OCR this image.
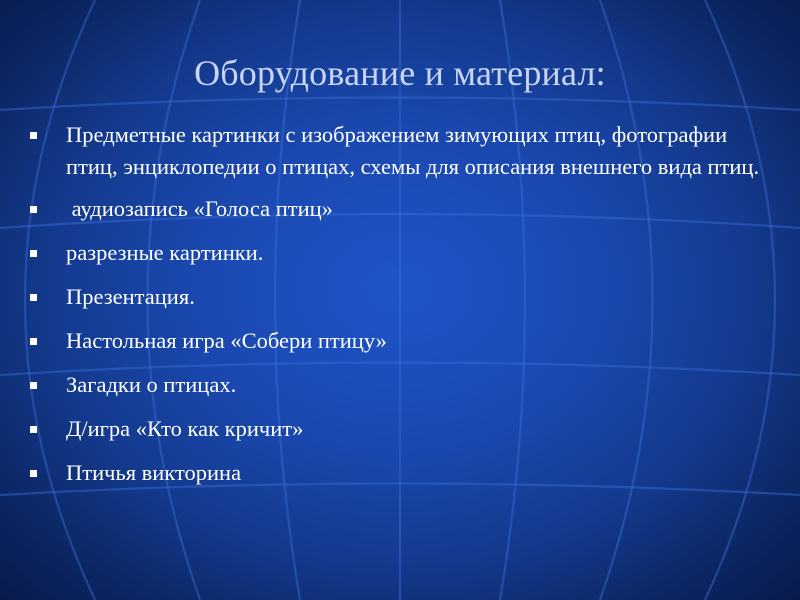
Оборудование и материал:
Предметные картинки с изображением зимующих птиц, фотографии птиц, энциклопедии о птицах, схемы для описания внешнего вида птиц.
аудиозапись «Голоса птиц»
разрезные картинки.
Презентация.
Настольная игра «Собери птицу»
Загадки о птицах.
Д/игра «Кто как кричит»
Птичья викторина
